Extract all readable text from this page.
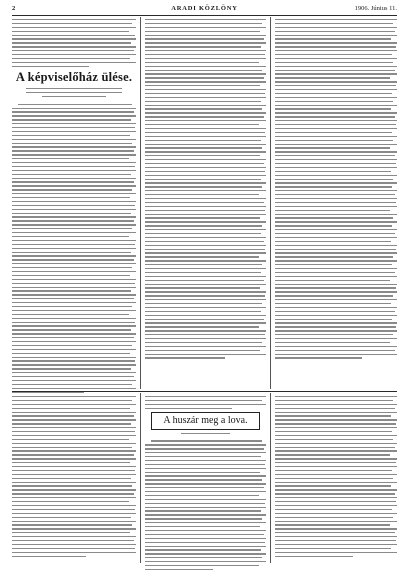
2	ARADI KÖZLÖNY	1906. Június 11.
A képviselőház ülése.
A huszár meg a lova.
